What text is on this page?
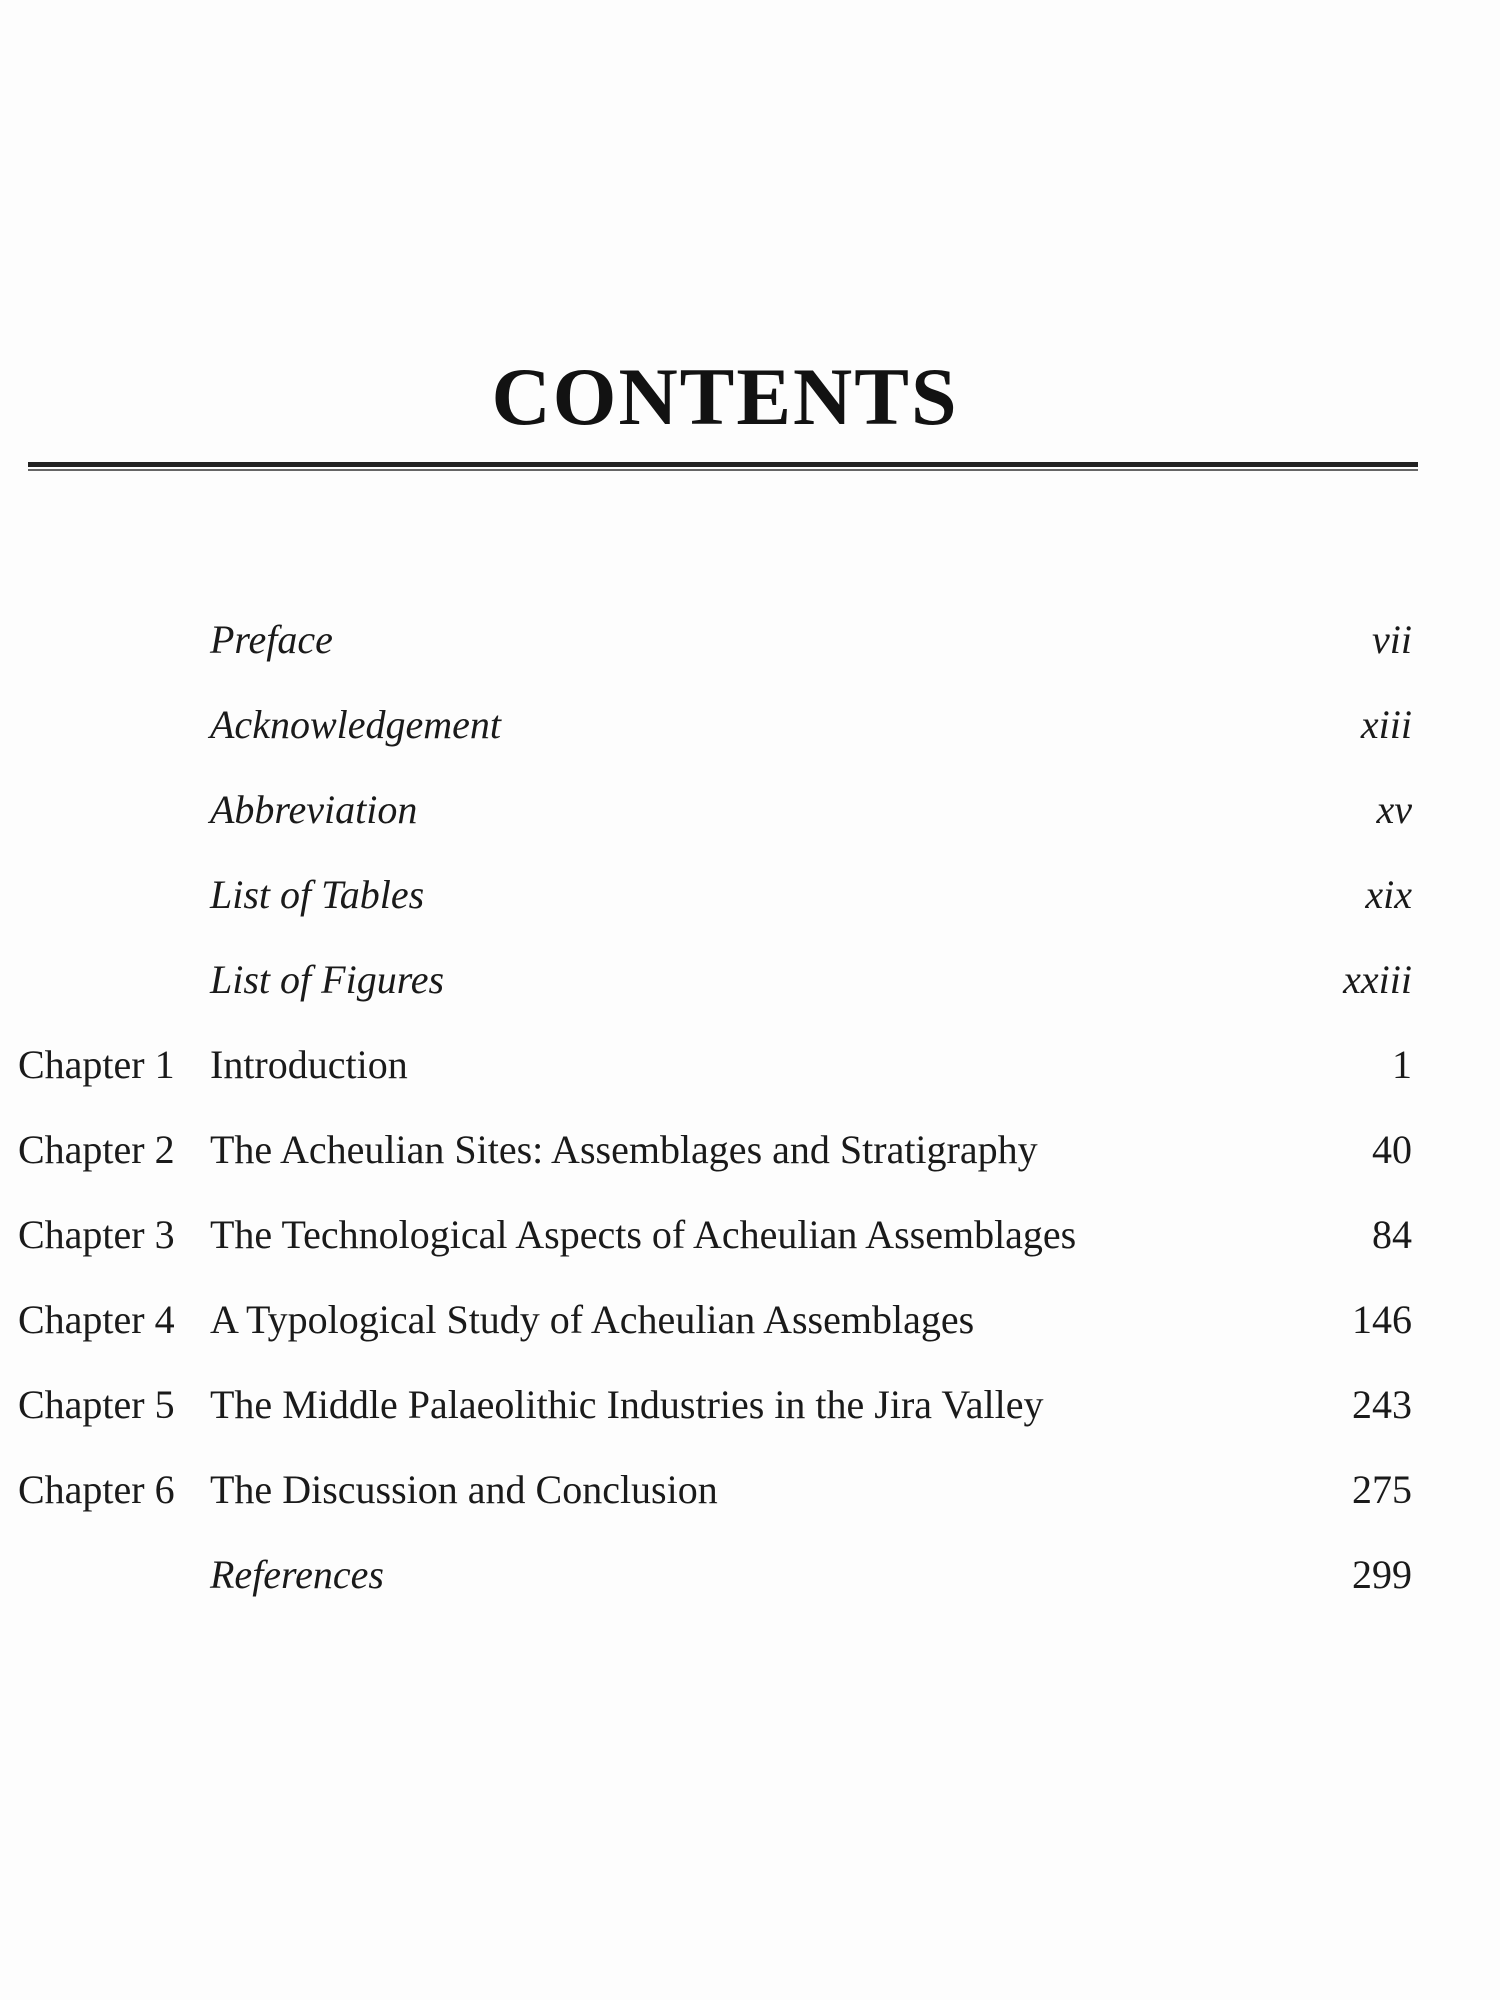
CONTENTS
Preface	vii
Acknowledgement	xiii
Abbreviation	xv
List of Tables	xix
List of Figures	xxiii
Chapter 1 Introduction	1
Chapter 2 The Acheulian Sites: Assemblages and Stratigraphy	40
Chapter 3 The Technological Aspects of Acheulian Assemblages	84
Chapter 4 A Typological Study of Acheulian Assemblages	146
Chapter 5 The Middle Palaeolithic Industries in the Jira Valley	243
Chapter 6 The Discussion and Conclusion	275
References	299
